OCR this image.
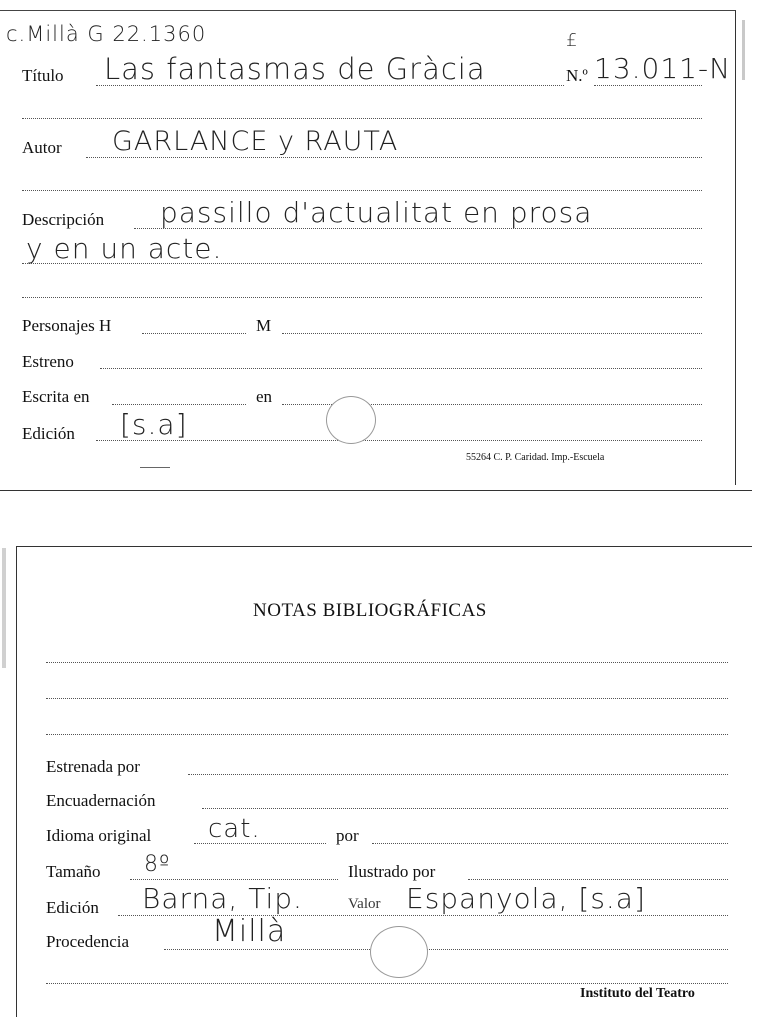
c.Millà G 22.1360	£
Título Las fantasmas de Gràcia	N.º 13.011-N
Autor GARLANCE y RAUTA
Descripción passillo d'actualitat en prosa
y en un acte.
Personajes H	M
Estreno
Escrita en	en
Edición [s.a]
55264 C. P. Caridad. Imp.-Escuela
NOTAS BIBLIOGRÁFICAS
Estrenada por
Encuadernación
Idioma original cat.	por
Tamaño 8º	Ilustrado por
Edición Barna, Tip.	Valor Espanyola, [s.a]
Procedencia	Millà
Instituto del Teatro
